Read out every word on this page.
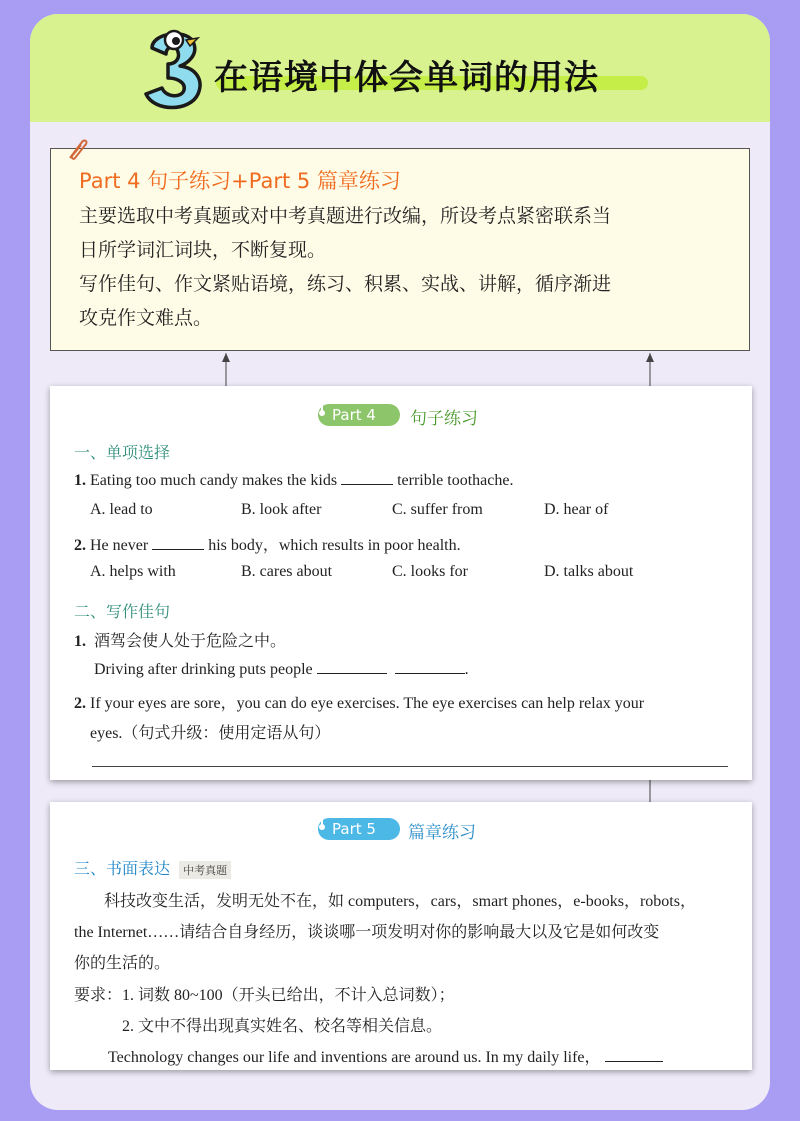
在语境中体会单词的用法
Part 4 句子练习+Part 5 篇章练习
主要选取中考真题或对中考真题进行改编，所设考点紧密联系当
日所学词汇词块，不断复现。
写作佳句、作文紧贴语境，练习、积累、实战、讲解，循序渐进
攻克作文难点。
Part 4	句子练习
一、单项选择
1. Eating too much candy makes the kids	terrible toothache.
A. lead to	B. look after	C. suffer from	D. hear of
2. He never	his body，which results in poor health.
A. helps with	B. cares about	C. looks for	D. talks about
二、写作佳句
1. 酒驾会使人处于危险之中。
Driving after drinking puts people	.
2. If your eyes are sore，you can do eye exercises. The eye exercises can help relax your
eyes.（句式升级：使用定语从句）
Part 5	篇章练习
三、书面表达 中考真题
科技改变生活，发明无处不在，如 computers，cars，smart phones，e-books，robots，
the Internet……请结合自身经历，谈谈哪一项发明对你的影响最大以及它是如何改变
你的生活的。
要求：1. 词数 80~100（开头已给出，不计入总词数）；
2. 文中不得出现真实姓名、校名等相关信息。
Technology changes our life and inventions are around us. In my daily life，
